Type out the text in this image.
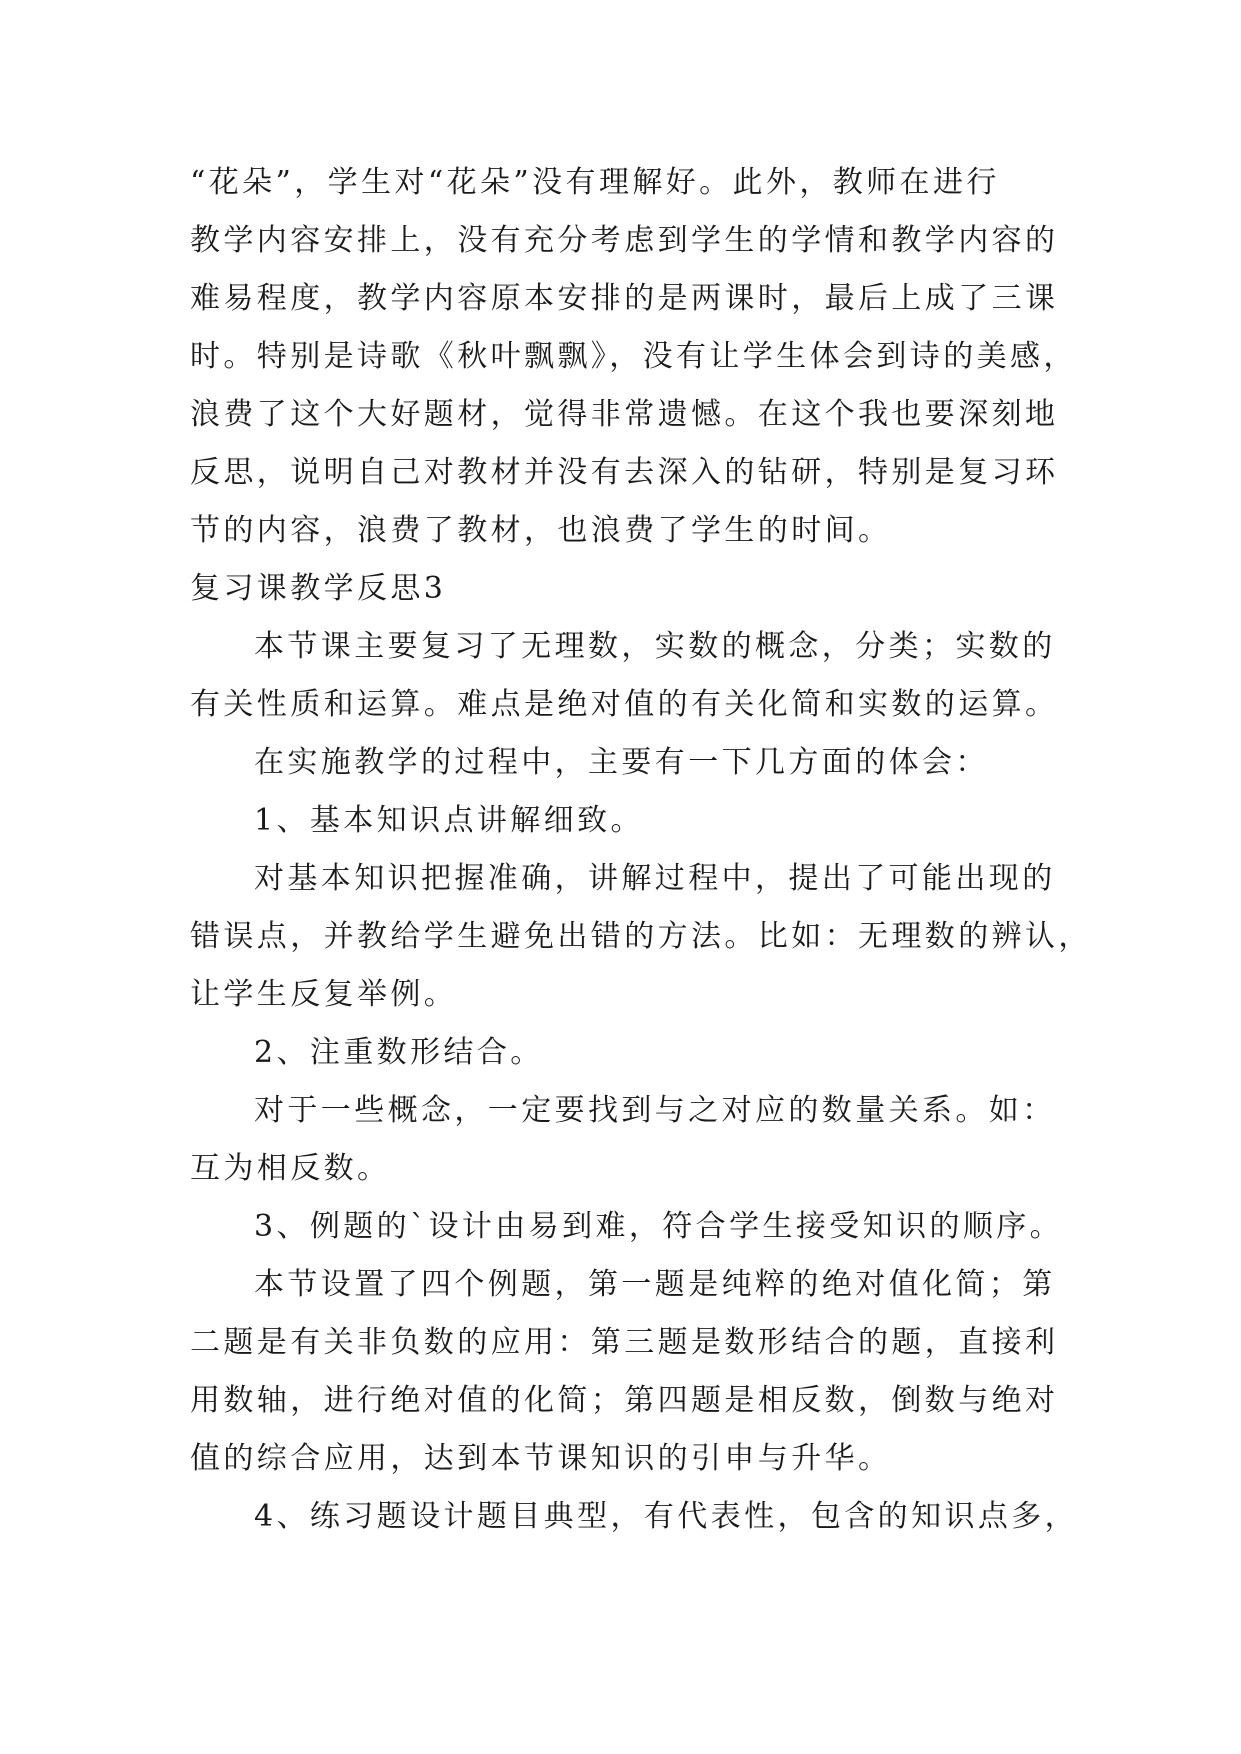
“花朵”，学生对“花朵”没有理解好。此外，教师在进行
教学内容安排上，没有充分考虑到学生的学情和教学内容的
难易程度，教学内容原本安排的是两课时，最后上成了三课
时。特别是诗歌《秋叶飘飘》，没有让学生体会到诗的美感，
浪费了这个大好题材，觉得非常遗憾。在这个我也要深刻地
反思，说明自己对教材并没有去深入的钻研，特别是复习环
节的内容，浪费了教材，也浪费了学生的时间。
复习课教学反思3
本节课主要复习了无理数，实数的概念，分类；实数的
有关性质和运算。难点是绝对值的有关化简和实数的运算。
在实施教学的过程中，主要有一下几方面的体会：
1、基本知识点讲解细致。
对基本知识把握准确，讲解过程中，提出了可能出现的
错误点，并教给学生避免出错的方法。比如：无理数的辨认，
让学生反复举例。
2、注重数形结合。
对于一些概念，一定要找到与之对应的数量关系。如：
互为相反数。
3、例题的`设计由易到难，符合学生接受知识的顺序。
本节设置了四个例题，第一题是纯粹的绝对值化简；第
二题是有关非负数的应用：第三题是数形结合的题，直接利
用数轴，进行绝对值的化简；第四题是相反数，倒数与绝对
值的综合应用，达到本节课知识的引申与升华。
4、练习题设计题目典型，有代表性，包含的知识点多，
